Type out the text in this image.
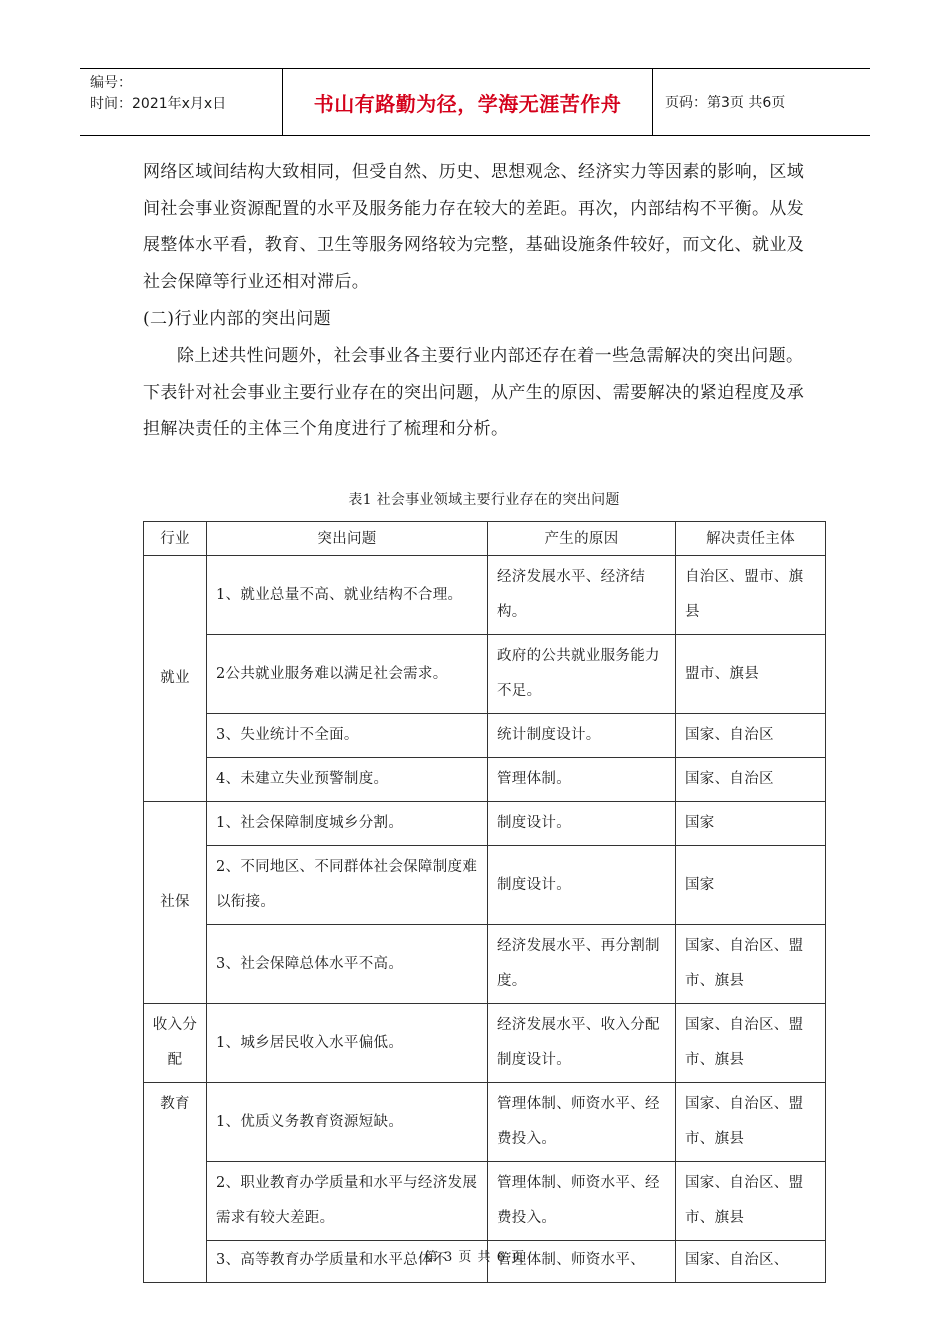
编号：
时间：2021年x月x日	书山有路勤为径，学海无涯苦作舟	页码：第3页 共6页

网络区域间结构大致相同，但受自然、历史、思想观念、经济实力等因素的影响，区域间社会事业资源配置的水平及服务能力存在较大的差距。再次，内部结构不平衡。从发展整体水平看，教育、卫生等服务网络较为完整，基础设施条件较好，而文化、就业及社会保障等行业还相对滞后。

(二)行业内部的突出问题

除上述共性问题外，社会事业各主要行业内部还存在着一些急需解决的突出问题。下表针对社会事业主要行业存在的突出问题，从产生的原因、需要解决的紧迫程度及承担解决责任的主体三个角度进行了梳理和分析。

表1 社会事业领域主要行业存在的突出问题
行业	突出问题	产生的原因	解决责任主体
就业	1、就业总量不高、就业结构不合理。	经济发展水平、经济结构。	自治区、盟市、旗县
	2公共就业服务难以满足社会需求。	政府的公共就业服务能力不足。	盟市、旗县
	3、失业统计不全面。	统计制度设计。	国家、自治区
	4、未建立失业预警制度。	管理体制。	国家、自治区
社保	1、社会保障制度城乡分割。	制度设计。	国家
	2、不同地区、不同群体社会保障制度难以衔接。	制度设计。	国家
	3、社会保障总体水平不高。	经济发展水平、再分割制度。	国家、自治区、盟市、旗县
收入分配	1、城乡居民收入水平偏低。	经济发展水平、收入分配制度设计。	国家、自治区、盟市、旗县
教育	1、优质义务教育资源短缺。	管理体制、师资水平、经费投入。	国家、自治区、盟市、旗县
	2、职业教育办学质量和水平与经济发展需求有较大差距。	管理体制、师资水平、经费投入。	国家、自治区、盟市、旗县
	3、高等教育办学质量和水平总体不	管理体制、师资水平、	国家、自治区、
第 3 页 共 6 页
